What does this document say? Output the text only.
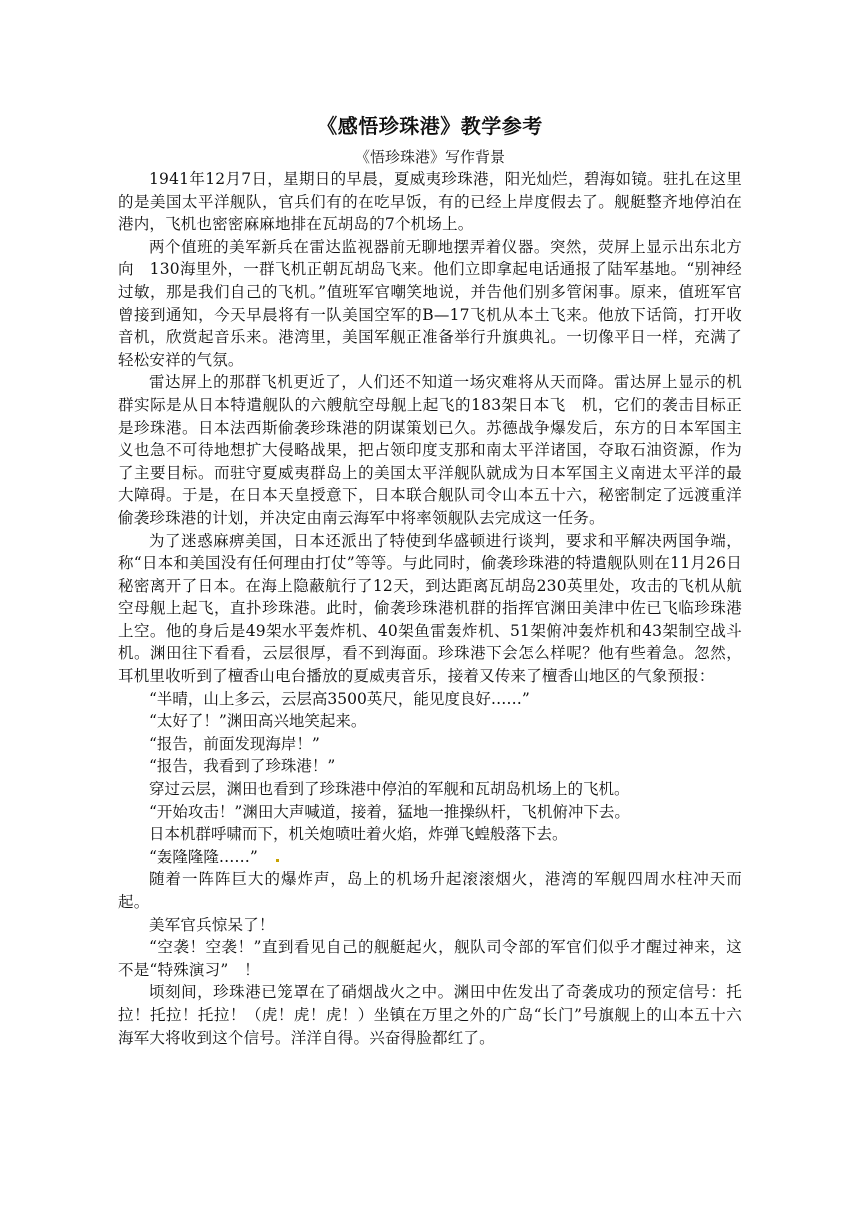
《感悟珍珠港》教学参考

《悟珍珠港》写作背景

1941年12月7日，星期日的早晨，夏威夷珍珠港，阳光灿烂，碧海如镜。驻扎在这里的是美国太平洋舰队，官兵们有的在吃早饭，有的已经上岸度假去了。舰艇整齐地停泊在港内，飞机也密密麻麻地排在瓦胡岛的7个机场上。

两个值班的美军新兵在雷达监视器前无聊地摆弄着仪器。突然，荧屏上显示出东北方向　130海里外，一群飞机正朝瓦胡岛飞来。他们立即拿起电话通报了陆军基地。“别神经过敏，那是我们自己的飞机。”值班军官嘲笑地说，并告他们别多管闲事。原来，值班军官曾接到通知，今天早晨将有一队美国空军的B—17飞机从本土飞来。他放下话筒，打开收音机，欣赏起音乐来。港湾里，美国军舰正准备举行升旗典礼。一切像平日一样，充满了轻松安祥的气氛。

雷达屏上的那群飞机更近了，人们还不知道一场灾难将从天而降。雷达屏上显示的机群实际是从日本特遣舰队的六艘航空母舰上起飞的183架日本飞　机，它们的袭击目标正是珍珠港。日本法西斯偷袭珍珠港的阴谋策划已久。苏德战争爆发后，东方的日本军国主义也急不可待地想扩大侵略战果，把占领印度支那和南太平洋诸国，夺取石油资源，作为了主要目标。而驻守夏威夷群岛上的美国太平洋舰队就成为日本军国主义南进太平洋的最大障碍。于是，在日本天皇授意下，日本联合舰队司令山本五十六，秘密制定了远渡重洋偷袭珍珠港的计划，并决定由南云海军中将率领舰队去完成这一任务。

为了迷惑麻痹美国，日本还派出了特使到华盛顿进行谈判，要求和平解决两国争端，称“日本和美国没有任何理由打仗”等等。与此同时，偷袭珍珠港的特遣舰队则在11月26日秘密离开了日本。在海上隐蔽航行了12天，到达距离瓦胡岛230英里处，攻击的飞机从航空母舰上起飞，直扑珍珠港。此时，偷袭珍珠港机群的指挥官渊田美津中佐已飞临珍珠港上空。他的身后是49架水平轰炸机、40架鱼雷轰炸机、51架俯冲轰炸机和43架制空战斗机。渊田往下看看，云层很厚，看不到海面。珍珠港下会怎么样呢？他有些着急。忽然，耳机里收听到了檀香山电台播放的夏威夷音乐，接着又传来了檀香山地区的气象预报：

“半晴，山上多云，云层高3500英尺，能见度良好……”

“太好了！”渊田高兴地笑起来。

“报告，前面发现海岸！”

“报告，我看到了珍珠港！”

穿过云层，渊田也看到了珍珠港中停泊的军舰和瓦胡岛机场上的飞机。

“开始攻击！”渊田大声喊道，接着，猛地一推操纵杆，飞机俯冲下去。

日本机群呼啸而下，机关炮喷吐着火焰，炸弹飞蝗般落下去。

“轰隆隆隆……”

随着一阵阵巨大的爆炸声，岛上的机场升起滚滚烟火，港湾的军舰四周水柱冲天而起。

美军官兵惊呆了！

“空袭！空袭！”直到看见自己的舰艇起火，舰队司令部的军官们似乎才醒过神来，这不是“特殊演习”　！

顷刻间，珍珠港已笼罩在了硝烟战火之中。渊田中佐发出了奇袭成功的预定信号：托拉！托拉！托拉！（虎！虎！虎！）坐镇在万里之外的广岛“长门”号旗舰上的山本五十六海军大将收到这个信号。洋洋自得。兴奋得脸都红了。
